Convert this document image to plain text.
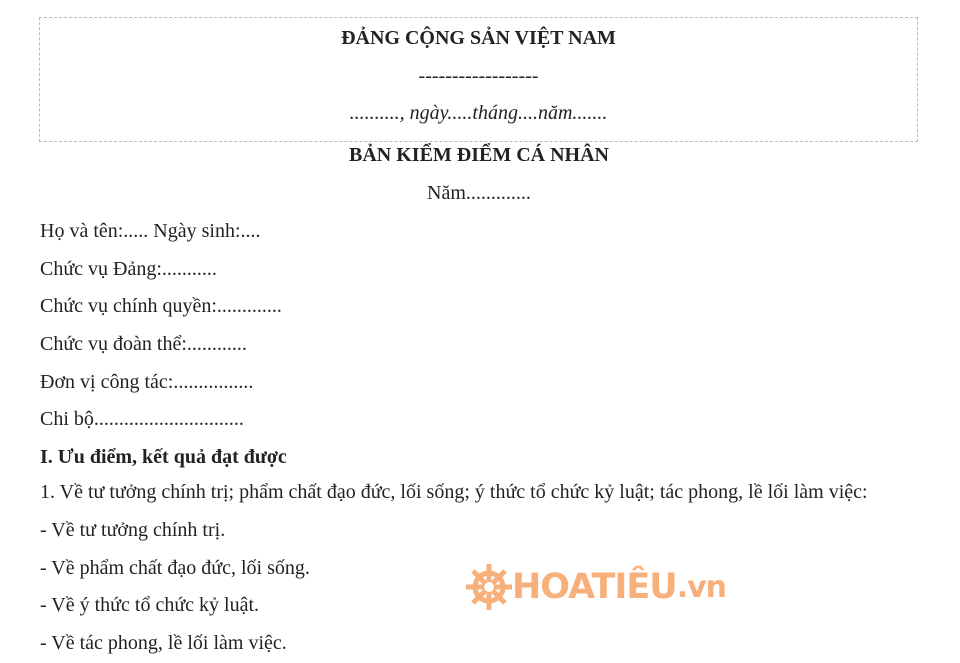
ĐẢNG CỘNG SẢN VIỆT NAM
------------------
.........., ngày.....tháng....năm.......
BẢN KIỂM ĐIỂM CÁ NHÂN
Năm.............

Họ và tên:..... Ngày sinh:....

Chức vụ Đảng:...........

Chức vụ chính quyền:.............

Chức vụ đoàn thể:............

Đơn vị công tác:................

Chi bộ..............................

I. Ưu điểm, kết quả đạt được

1. Về tư tưởng chính trị; phẩm chất đạo đức, lối sống; ý thức tổ chức kỷ luật; tác phong, lề lối làm việc:

- Về tư tưởng chính trị.

- Về phẩm chất đạo đức, lối sống.

- Về ý thức tổ chức kỷ luật.

- Về tác phong, lề lối làm việc.

HOATIÊU .vn
